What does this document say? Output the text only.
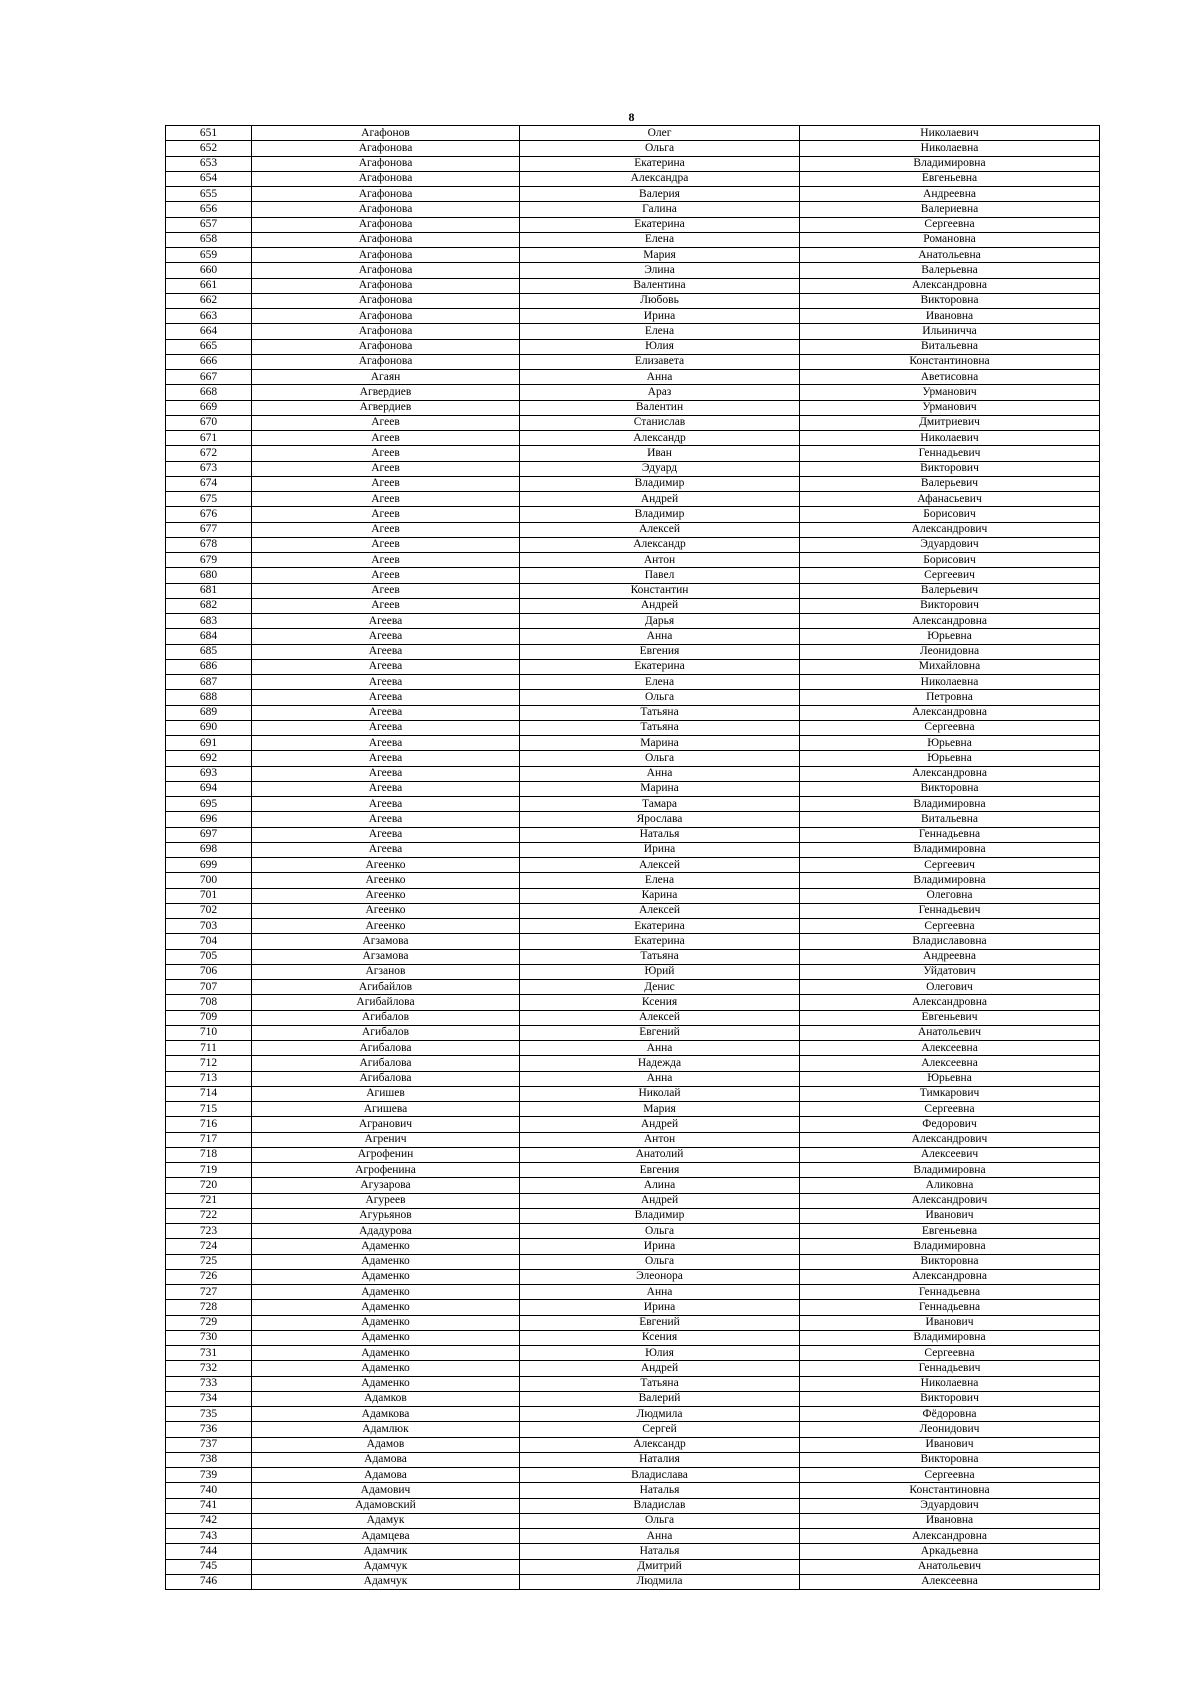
8
651	Агафонов	Олег	Николаевич
652	Агафонова	Ольга	Николаевна
653	Агафонова	Екатерина	Владимировна
654	Агафонова	Александра	Евгеньевна
655	Агафонова	Валерия	Андреевна
656	Агафонова	Галина	Валериевна
657	Агафонова	Екатерина	Сергеевна
658	Агафонова	Елена	Романовна
659	Агафонова	Мария	Анатольевна
660	Агафонова	Элина	Валерьевна
661	Агафонова	Валентина	Александровна
662	Агафонова	Любовь	Викторовна
663	Агафонова	Ирина	Ивановна
664	Агафонова	Елена	Ильиничча
665	Агафонова	Юлия	Витальевна
666	Агафонова	Елизавета	Константиновна
667	Агаян	Анна	Аветисовна
668	Агвердиев	Араз	Урманович
669	Агвердиев	Валентин	Урманович
670	Агеев	Станислав	Дмитриевич
671	Агеев	Александр	Николаевич
672	Агеев	Иван	Геннадьевич
673	Агеев	Эдуард	Викторович
674	Агеев	Владимир	Валерьевич
675	Агеев	Андрей	Афанасьевич
676	Агеев	Владимир	Борисович
677	Агеев	Алексей	Александрович
678	Агеев	Александр	Эдуардович
679	Агеев	Антон	Борисович
680	Агеев	Павел	Сергеевич
681	Агеев	Константин	Валерьевич
682	Агеев	Андрей	Викторович
683	Агеева	Дарья	Александровна
684	Агеева	Анна	Юрьевна
685	Агеева	Евгения	Леонидовна
686	Агеева	Екатерина	Михайловна
687	Агеева	Елена	Николаевна
688	Агеева	Ольга	Петровна
689	Агеева	Татьяна	Александровна
690	Агеева	Татьяна	Сергеевна
691	Агеева	Марина	Юрьевна
692	Агеева	Ольга	Юрьевна
693	Агеева	Анна	Александровна
694	Агеева	Марина	Викторовна
695	Агеева	Тамара	Владимировна
696	Агеева	Ярослава	Витальевна
697	Агеева	Наталья	Геннадьевна
698	Агеева	Ирина	Владимировна
699	Агеенко	Алексей	Сергеевич
700	Агеенко	Елена	Владимировна
701	Агеенко	Карина	Олеговна
702	Агеенко	Алексей	Геннадьевич
703	Агеенко	Екатерина	Сергеевна
704	Агзамова	Екатерина	Владиславовна
705	Агзамова	Татьяна	Андреевна
706	Агзанов	Юрий	Уйдатович
707	Агибайлов	Денис	Олегович
708	Агибайлова	Ксения	Александровна
709	Агибалов	Алексей	Евгеньевич
710	Агибалов	Евгений	Анатольевич
711	Агибалова	Анна	Алексеевна
712	Агибалова	Надежда	Алексеевна
713	Агибалова	Анна	Юрьевна
714	Агишев	Николай	Тимкарович
715	Агишева	Мария	Сергеевна
716	Агранович	Андрей	Федорович
717	Агренич	Антон	Александрович
718	Агрофенин	Анатолий	Алексеевич
719	Агрофенина	Евгения	Владимировна
720	Агузарова	Алина	Аликовна
721	Агуреев	Андрей	Александрович
722	Агурьянов	Владимир	Иванович
723	Ададурова	Ольга	Евгеньевна
724	Адаменко	Ирина	Владимировна
725	Адаменко	Ольга	Викторовна
726	Адаменко	Элеонора	Александровна
727	Адаменко	Анна	Геннадьевна
728	Адаменко	Ирина	Геннадьевна
729	Адаменко	Евгений	Иванович
730	Адаменко	Ксения	Владимировна
731	Адаменко	Юлия	Сергеевна
732	Адаменко	Андрей	Геннадьевич
733	Адаменко	Татьяна	Николаевна
734	Адамков	Валерий	Викторович
735	Адамкова	Людмила	Фёдоровна
736	Адамлюк	Сергей	Леонидович
737	Адамов	Александр	Иванович
738	Адамова	Наталия	Викторовна
739	Адамова	Владислава	Сергеевна
740	Адамович	Наталья	Константиновна
741	Адамовский	Владислав	Эдуардович
742	Адамук	Ольга	Ивановна
743	Адамцева	Анна	Александровна
744	Адамчик	Наталья	Аркадьевна
745	Адамчук	Дмитрий	Анатольевич
746	Адамчук	Людмила	Алексеевна
